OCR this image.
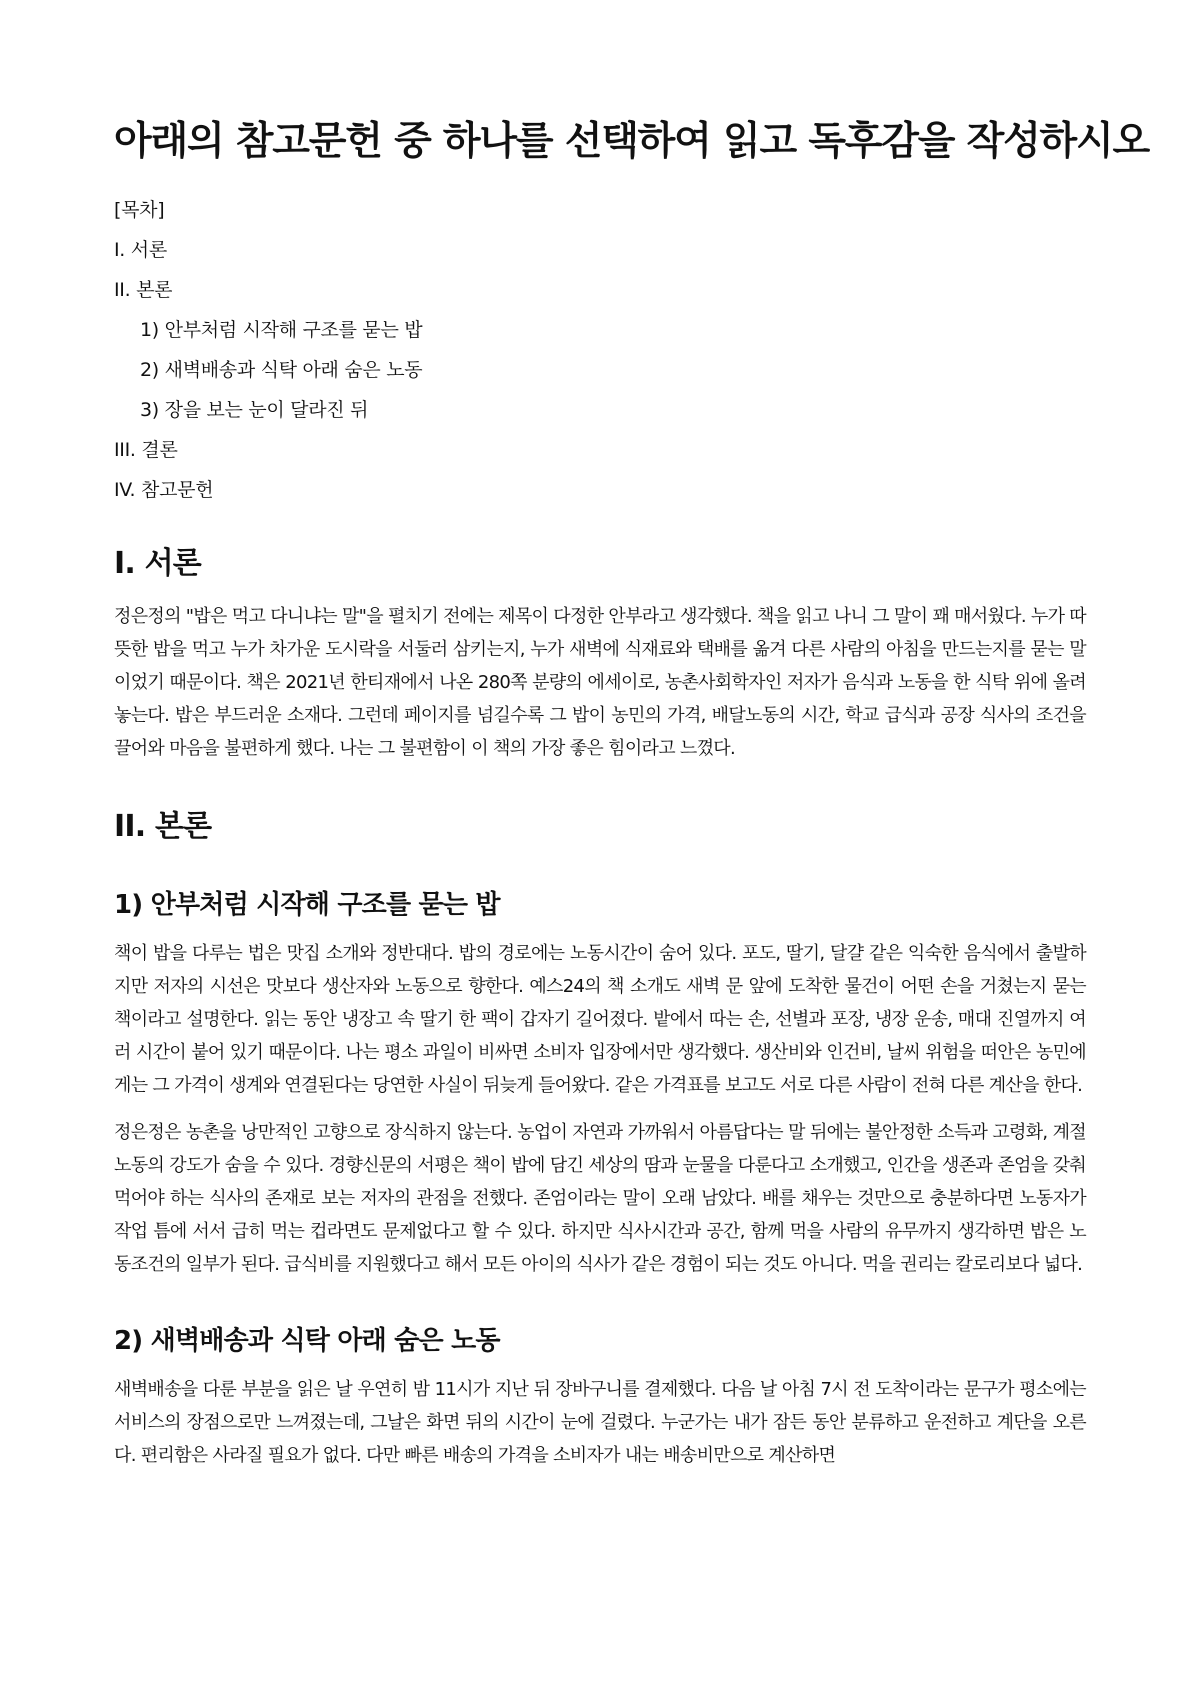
아래의 참고문헌 중 하나를 선택하여 읽고 독후감을 작성하시오
[목차]
I. 서론
II. 본론
1) 안부처럼 시작해 구조를 묻는 밥
2) 새벽배송과 식탁 아래 숨은 노동
3) 장을 보는 눈이 달라진 뒤
III. 결론
IV. 참고문헌
I. 서론

정은정의 "밥은 먹고 다니냐는 말"을 펼치기 전에는 제목이 다정한 안부라고 생각했다. 책을 읽고 나니 그 말이 꽤 매서웠다. 누가 따뜻한 밥을 먹고 누가 차가운 도시락을 서둘러 삼키는지, 누가 새벽에 식재료와 택배를 옮겨 다른 사람의 아침을 만드는지를 묻는 말이었기 때문이다. 책은 2021년 한티재에서 나온 280쪽 분량의 에세이로, 농촌사회학자인 저자가 음식과 노동을 한 식탁 위에 올려놓는다. 밥은 부드러운 소재다. 그런데 페이지를 넘길수록 그 밥이 농민의 가격, 배달노동의 시간, 학교 급식과 공장 식사의 조건을 끌어와 마음을 불편하게 했다. 나는 그 불편함이 이 책의 가장 좋은 힘이라고 느꼈다.

II. 본론
1) 안부처럼 시작해 구조를 묻는 밥

책이 밥을 다루는 법은 맛집 소개와 정반대다. 밥의 경로에는 노동시간이 숨어 있다. 포도, 딸기, 달걀 같은 익숙한 음식에서 출발하지만 저자의 시선은 맛보다 생산자와 노동으로 향한다. 예스24의 책 소개도 새벽 문 앞에 도착한 물건이 어떤 손을 거쳤는지 묻는 책이라고 설명한다. 읽는 동안 냉장고 속 딸기 한 팩이 갑자기 길어졌다. 밭에서 따는 손, 선별과 포장, 냉장 운송, 매대 진열까지 여러 시간이 붙어 있기 때문이다. 나는 평소 과일이 비싸면 소비자 입장에서만 생각했다. 생산비와 인건비, 날씨 위험을 떠안은 농민에게는 그 가격이 생계와 연결된다는 당연한 사실이 뒤늦게 들어왔다. 같은 가격표를 보고도 서로 다른 사람이 전혀 다른 계산을 한다.

정은정은 농촌을 낭만적인 고향으로 장식하지 않는다. 농업이 자연과 가까워서 아름답다는 말 뒤에는 불안정한 소득과 고령화, 계절노동의 강도가 숨을 수 있다. 경향신문의 서평은 책이 밥에 담긴 세상의 땀과 눈물을 다룬다고 소개했고, 인간을 생존과 존엄을 갖춰 먹어야 하는 식사의 존재로 보는 저자의 관점을 전했다. 존엄이라는 말이 오래 남았다. 배를 채우는 것만으로 충분하다면 노동자가 작업 틈에 서서 급히 먹는 컵라면도 문제없다고 할 수 있다. 하지만 식사시간과 공간, 함께 먹을 사람의 유무까지 생각하면 밥은 노동조건의 일부가 된다. 급식비를 지원했다고 해서 모든 아이의 식사가 같은 경험이 되는 것도 아니다. 먹을 권리는 칼로리보다 넓다.

2) 새벽배송과 식탁 아래 숨은 노동

새벽배송을 다룬 부분을 읽은 날 우연히 밤 11시가 지난 뒤 장바구니를 결제했다. 다음 날 아침 7시 전 도착이라는 문구가 평소에는 서비스의 장점으로만 느껴졌는데, 그날은 화면 뒤의 시간이 눈에 걸렸다. 누군가는 내가 잠든 동안 분류하고 운전하고 계단을 오른다. 편리함은 사라질 필요가 없다. 다만 빠른 배송의 가격을 소비자가 내는 배송비만으로 계산하면
